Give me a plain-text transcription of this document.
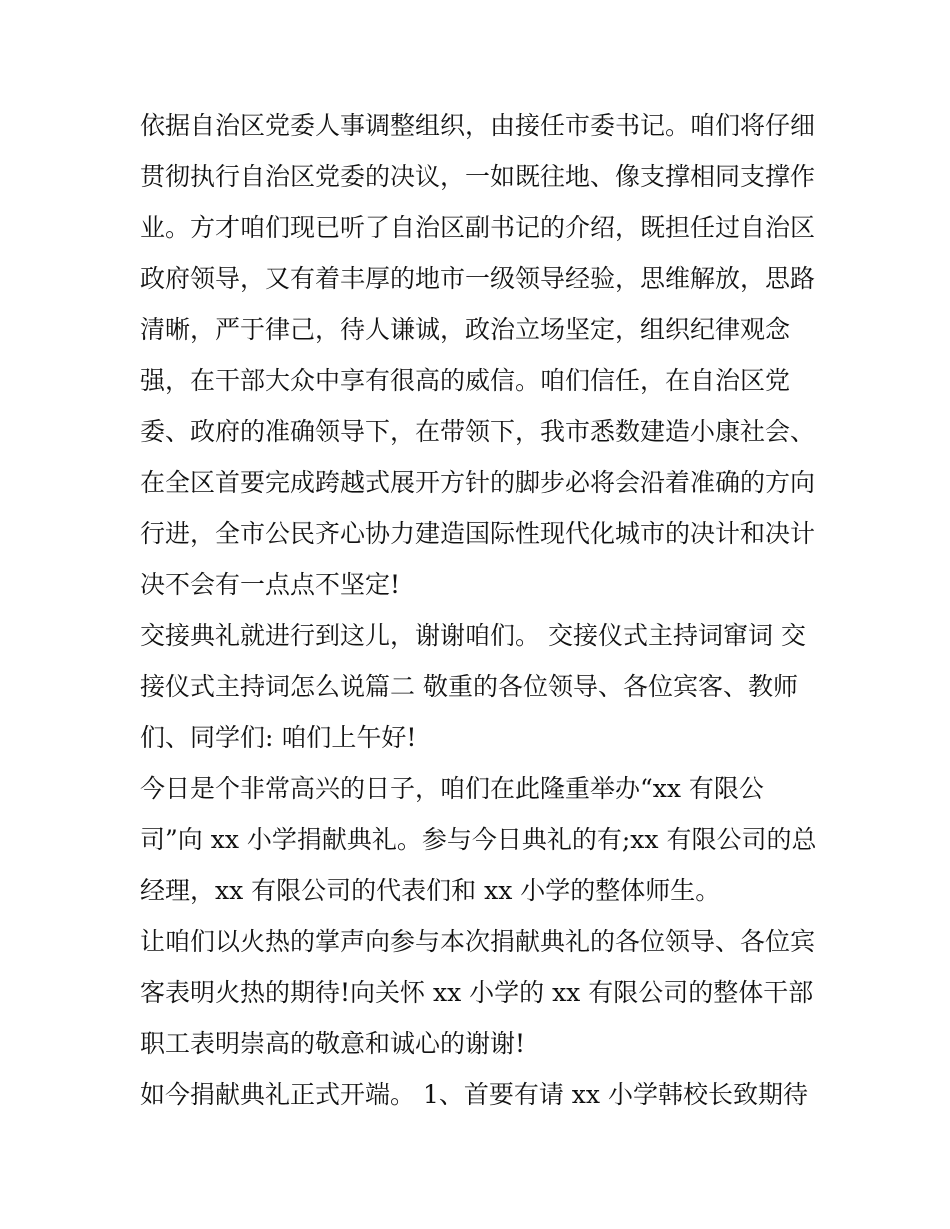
依据自治区党委人事调整组织，由接任市委书记。咱们将仔细
贯彻执行自治区党委的决议，一如既往地、像支撑相同支撑作
业。方才咱们现已听了自治区副书记的介绍，既担任过自治区
政府领导，又有着丰厚的地市一级领导经验，思维解放，思路
清晰，严于律己，待人谦诚，政治立场坚定，组织纪律观念
强，在干部大众中享有很高的威信。咱们信任，在自治区党
委、政府的准确领导下，在带领下，我市悉数建造小康社会、
在全区首要完成跨越式展开方针的脚步必将会沿着准确的方向
行进，全市公民齐心协力建造国际性现代化城市的决计和决计
决不会有一点点不坚定!

交接典礼就进行到这儿，谢谢咱们。 交接仪式主持词窜词 交
接仪式主持词怎么说篇二 敬重的各位领导、各位宾客、教师
们、同学们: 咱们上午好!

今日是个非常高兴的日子，咱们在此隆重举办“xx 有限公
司”向 xx 小学捐献典礼。参与今日典礼的有;xx 有限公司的总
经理，xx 有限公司的代表们和 xx 小学的整体师生。

让咱们以火热的掌声向参与本次捐献典礼的各位领导、各位宾
客表明火热的期待!向关怀 xx 小学的 xx 有限公司的整体干部
职工表明崇高的敬意和诚心的谢谢!

如今捐献典礼正式开端。 1、首要有请 xx 小学韩校长致期待
